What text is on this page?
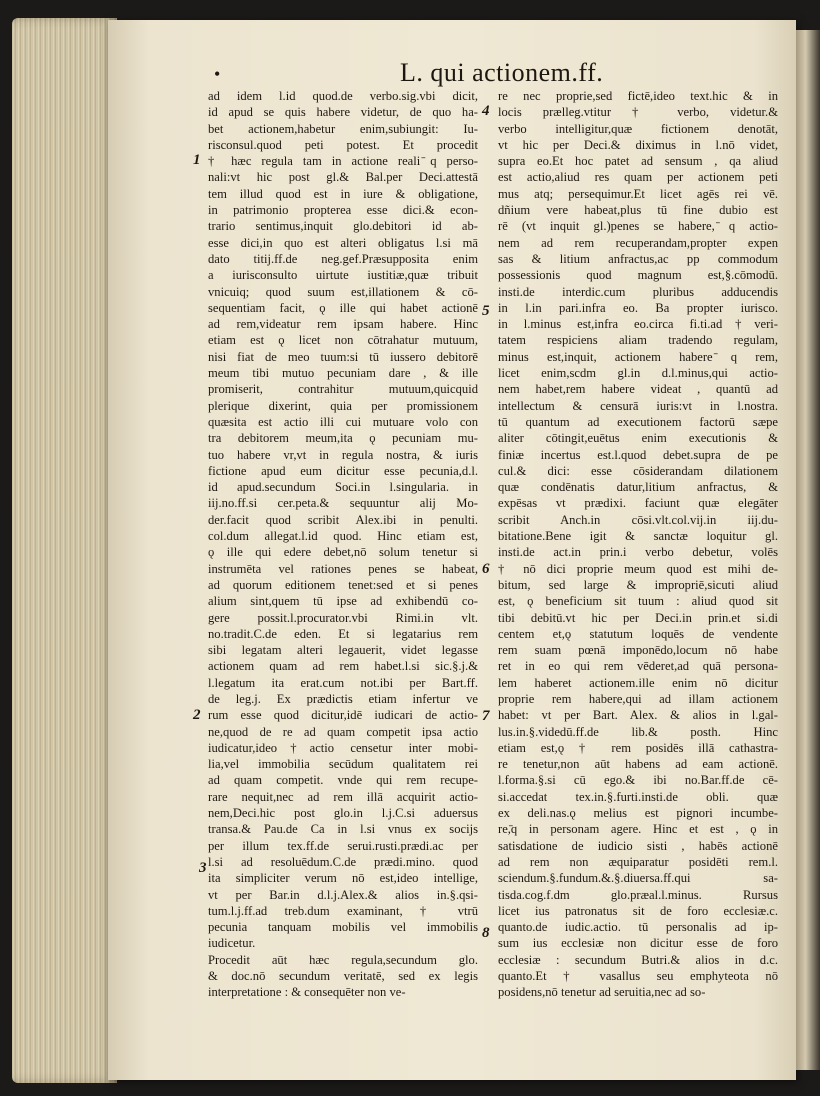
•	L. qui actionem.ff.
ad idem l.id quod.de verbo.sig.vbi dicit,
id apud se quis habere videtur, de quo ha-
bet actionem,habetur enim,subiungit: Iu-
risconsul.quod peti potest. Et procedit
† hæc regula tam in actione reali ̄q perso-
nali:vt hic post gl.& Bal.per Deci.attestā
tem illud quod est in iure & obligatione,
in patrimonio propterea esse dici.& econ-
trario sentimus,inquit glo.debitori id ab-
esse dici,in quo est alteri obligatus l.si mā
dato titij.ff.de neg.gef.Præsupposita enim
a iurisconsulto uirtute iustitiæ,quæ tribuit
vnicuiq; quod suum est,illationem & cō-
sequentiam facit, ǫ ille qui habet actionē
ad rem,videatur rem ipsam habere. Hinc
etiam est ǫ licet non cōtrahatur mutuum,
nisi fiat de meo tuum:si tū iussero debitorē
meum tibi mutuo pecuniam dare , & ille
promiserit, contrahitur mutuum,quicquid
plerique dixerint, quia per promissionem
quæsita est actio illi cui mutuare volo con
tra debitorem meum,ita ǫ pecuniam mu-
tuo habere vr,vt in regula nostra, & iuris
fictione apud eum dicitur esse pecunia,d.l.
id apud.secundum Soci.in l.singularia. in
iij.no.ff.si cer.peta.& sequuntur alij Mo-
der.facit quod scribit Alex.ibi in penulti.
col.dum allegat.l.id quod. Hinc etiam est,
ǫ ille qui edere debet,nō solum tenetur si
instrumēta vel rationes penes se habeat,
ad quorum editionem tenet:sed et si penes
alium sint,quem tū ipse ad exhibendū co-
gere possit.l.procurator.vbi Rimi.in vlt.
no.tradit.C.de eden. Et si legatarius rem
sibi legatam alteri legauerit, videt legasse
actionem quam ad rem habet.l.si sic.§.j.&
l.legatum ita erat.cum not.ibi per Bart.ff.
de leg.j. Ex prædictis etiam infertur ve
rum esse quod dicitur,idē iudicari de actio-
ne,quod de re ad quam competit ipsa actio
iudicatur,ideo†actio censetur inter mobi-
lia,vel immobilia secūdum qualitatem rei
ad quam competit. vnde qui rem recupe-
rare nequit,nec ad rem illā acquirit actio-
nem,Deci.hic post glo.in l.j.C.si aduersus
transa.& Pau.de Ca in l.si vnus ex socijs
per illum tex.ff.de serui.rusti.prædi.ac per
l.si ad resoluēdum.C.de prædi.mino. quod
ita simpliciter verum nō est,ideo intellige,
vt per Bar.in d.l.j.Alex.& alios in.§.qsi-
tum.l.j.ff.ad treb.dum examinant, † vtrū
pecunia tanquam mobilis vel immobilis
iudicetur.
Procedit aūt hæc regula,secundum glo.
& doc.nō secundum veritatē, sed ex legis
interpretatione : & consequēter non ve-
re nec proprie,sed fictē,ideo text.hic & in
locis prælleg.vtitur † verbo, videtur.&
verbo intelligitur,quæ fictionem denotāt,
vt hic per Deci.& diximus in l.nō videt,
supra eo.Et hoc patet ad sensum , qa aliud
est actio,aliud res quam per actionem peti
mus atq; persequimur.Et licet agēs rei vē.
dñium vere habeat,plus tū fine dubio est
rē (vt inquit gl.)penes se habere, ̄q actio-
nem ad rem recuperandam,propter expen
sas & litium anfractus,ac pp commodum
possessionis quod magnum est,§.cōmodū.
insti.de interdic.cum pluribus adducendis
in l.in pari.infra eo. Ba propter iurisco.
in l.minus est,infra eo.circa fi.ti.ad†veri-
tatem respiciens aliam tradendo regulam,
minus est,inquit, actionem habere ̄q rem,
licet enim,scdm gl.in d.l.minus,qui actio-
nem habet,rem habere videat , quantū ad
intellectum & censurā iuris:vt in l.nostra.
tū quantum ad executionem factorū sæpe
aliter cōtingit,euētus enim executionis &
finiæ incertus est.l.quod debet.supra de pe
cul.& dici: esse cōsiderandam dilationem
quæ condēnatis datur,litium anfractus, &
expēsas vt prædixi. faciunt quæ elegāter
scribit Anch.in cōsi.vlt.col.vij.in iij.du-
bitatione.Bene igit & sanctæ loquitur gl.
insti.de act.in prin.i verbo debetur, volēs
† nō dici proprie meum quod est mihi de-
bitum, sed large & impropriē,sicuti aliud
est, ǫ beneficium sit tuum : aliud quod sit
tibi debitū.vt hic per Deci.in prin.et si.di
centem et,ǫ statutum loquēs de vendente
rem suam pœnā imponēdo,locum nō habe
ret in eo qui rem vēderet,ad quā persona-
lem haberet actionem.ille enim nō dicitur
proprie rem habere,qui ad illam actionem
habet: vt per Bart. Alex. & alios in l.gal-
lus.in.§.videdū.ff.de lib.& posth. Hinc
etiam est,ǫ † rem posidēs illā cathastra-
re tenetur,non aūt habens ad eam actionē.
l.forma.§.si cū ego.& ibi no.Bar.ff.de cē-
si.accedat tex.in.§.furti.insti.de obli. quæ
ex deli.nas.ǫ melius est pignori incumbe-
re,̄q in personam agere. Hinc et est , ǫ in
satisdatione de iudicio sisti , habēs actionē
ad rem non æquiparatur posidēti rem.l.
sciendum.§.fundum.&.§.diuersa.ff.qui sa-
tisda.cog.f.dm glo.præal.l.minus. Rursus
licet ius patronatus sit de foro ecclesiæ.c.
quanto.de iudic.actio. tū personalis ad ip-
sum ius ecclesiæ non dicitur esse de foro
ecclesiæ : secundum Butri.& alios in d.c.
quanto.Et † vasallus seu emphyteota nō
posidens,nō tenetur ad seruitia,nec ad so-
1
2
3
4
5
6
7
8
